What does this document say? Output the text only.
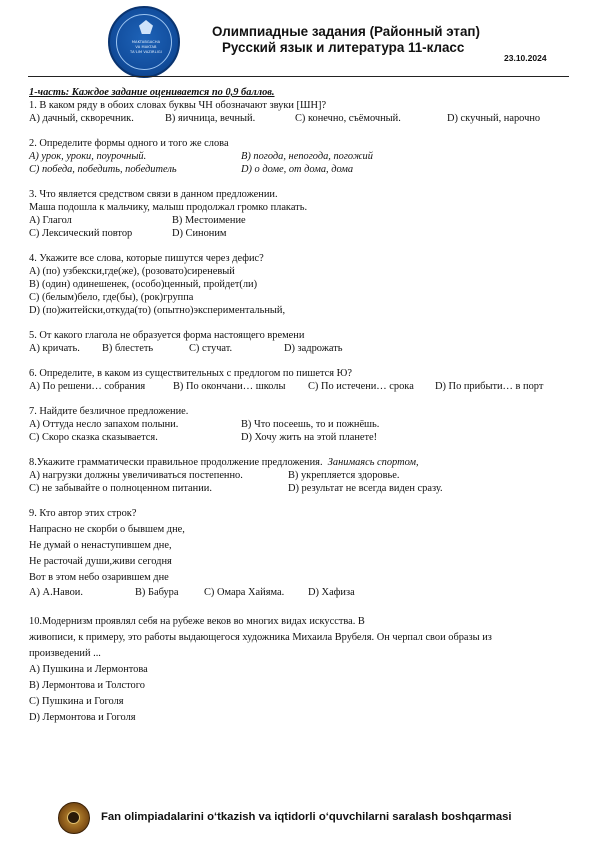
MAKTABGACHA
VA MAKTAB
TA'LIM VAZIRLIGI
Олимпиадные задания (Районный этап)
Русский язык и литература 11-класс
23.10.2024
1-часть: Каждое задание оценивается по 0,9 баллов.
1. В каком ряду в обоих словах буквы ЧН обозначают звуки [ШН]?
А) дачный, скворечник.	В) яичница, вечный.	С) конечно, съёмочный.	D) скучный, нарочно
2. Определите формы одного и того же слова
А) урок, уроки, поурочный.	В) погода, непогода, погожий
С) победа, победить, победитель	D) о доме, от дома, дома
3. Что является средством связи в данном предложении.
Маша подошла к мальчику, малыш продолжал громко плакать.
А) Глагол	В) Местоимение
С) Лексический повтор	D) Синоним
4. Укажите все слова, которые пишутся через дефис?
А) (по) узбекски,где(же), (розовато)сиреневый
В) (один) одинешенек, (особо)ценный, пройдет(ли)
С) (белым)бело, где(бы), (рок)группа
D) (по)житейски,откуда(то) (опытно)экспериментальный,
5. От какого глагола не образуется форма настоящего времени
А) кричать.	В) блестеть	С) стучат.	D) задрожать
6. Определите, в каком из существительных с предлогом по пишется Ю?
А) По решени… собрания	В) По окончани… школы	С) По истечени… срока	D) По прибыти… в порт
7. Найдите безличное предложение.
А) Оттуда несло запахом полыни.	В) Что посеешь, то и пожнёшь.
С) Скоро сказка сказывается.	D) Хочу жить на этой планете!
8.Укажите грамматически правильное продолжение предложения. Занимаясь спортом,
А) нагрузки должны увеличиваться постепенно.	В) укрепляется здоровье.
С) не забывайте о полноценном питании.	D) результат не всегда виден сразу.
9. Кто автор этих строк?
Напрасно не скорби о бывшем дне,
Не думай о ненаступившем дне,
Не расточай души,живи сегодня
Вот в этом небо озарившем дне
А) А.Навои.	В) Бабура	С) Омара Хайяма.	D) Хафиза
10.Модернизм проявлял себя на рубеже веков во многих видах искусства. В
живописи, к примеру, это работы выдающегося художника Михаила Врубеля. Он черпал свои образы из
произведений ...
А) Пушкина и Лермонтова
В) Лермонтова и Толстого
С) Пушкина и Гоголя
D) Лермонтова и Гоголя
Fan olimpiadalarini o‘tkazish va iqtidorli o‘quvchilarni saralash boshqarmasi
